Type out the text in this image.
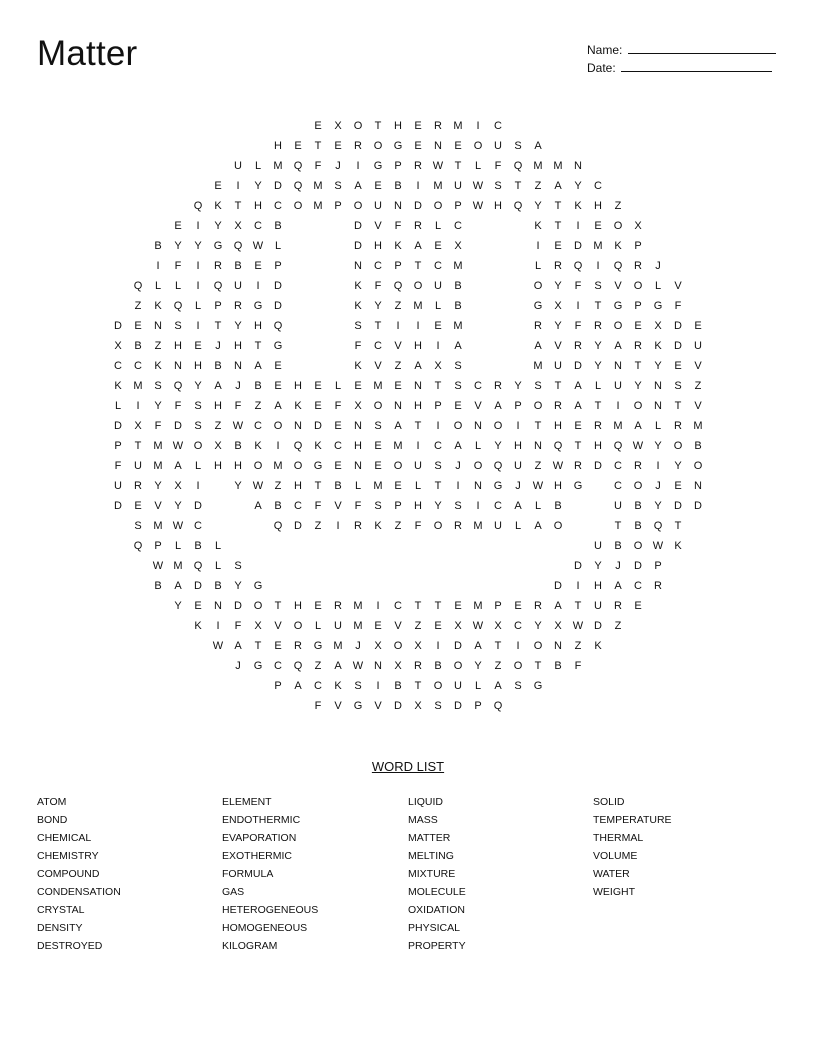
Matter	Name:
Date:
E	X	O	T	H	E	R	M	I	C
H	E	T	E	R	O	G	E	N	E	O	U	S	A
U	L	M	Q	F	J	I	G	P	R W	T	L	F	Q	M M	N
E	I	Y	D	Q	M	S	A	E	B	I	M	U W	S	T	Z	A	Y	C
Q	K	T	H	C	O	M	P	O	U	N	D	O	P	W H	Q	Y	T	K	H	Z
E	I	Y	X	C	B	D	V	F	R	L	C	K	T	I	E	O	X
B	Y	Y	G	Q W	L	D	H	K	A	E	X	I	E	D	M	K	P
I	F	I	R	B	E	P	N	C	P	T	C	M	L	R	Q	I	Q	R	J
Q	L	L	I	Q	U	I	D	K	F	Q	O	U	B	O	Y	F	S	V	O	L	V
Z	K	Q	L	P	R	G	D	K	Y	Z	M	L	B	G	X	I	T	G	P	G	F
D	E	N	S	I	T	Y	H	Q	S	T	I	I	E	M	R	Y	F	R	O	E	X	D	E
X	B	Z	H	E	J	H	T	G	F	C	V	H	I	A	A	V	R	Y	A	R	K	D	U
C	C	K	N	H	B	N	A	E	K	V	Z	A	X	S	M	U	D	Y	N	T	Y	E	V
K	M	S	Q	Y	A	J	B	E	H	E	L	E	M	E	N	T	S	C	R	Y	S	T	A	L	U	Y	N	S	Z
L	I	Y	F	S	H	F	Z	A	K	E	F	X	O	N	H	P	E	V	A	P	O	R	A	T	I	O	N	T	V
D	X	F	D	S	Z	W C	O	N	D	E	N	S	A	T	I	O	N	O	I	T	H	E	R	M	A	L	R	M
P	T	M W O	X	B	K	I	Q	K	C	H	E	M	I	C	A	L	Y	H	N	Q	T	H	Q W	Y	O	B
F	U	M	A	L	H	H	O	M	O	G	E	N	E	O	U	S	J	O	Q	U	Z	W R	D	C	R	I	Y	O
U	R	Y	X	I	Y	W	Z	H	T	B	L	M	E	L	T	I	N	G	J	W H	G	C	O	J	E	N
D	E	V	Y	D	A	B	C	F	V	F	S	P	H	Y	S	I	C	A	L	B	U	B	Y	D	D
S	M W C	Q	D	Z	I	R	K	Z	F	O	R	M	U	L	A	O	T	B	Q	T
Q	P	L	B	L	U	B	O W	K
W M	Q	L	S	D	Y	J	D	P
B	A	D	B	Y	G	D	I	H	A	C	R
Y	E	N	D	O	T	H	E	R	M	I	C	T	T	E	M	P	E	R	A	T	U	R	E
K	I	F	X	V	O	L	U	M	E	V	Z	E	X	W	X	C	Y	X	W D	Z
W	A	T	E	R	G	M	J	X	O	X	I	D	A	T	I	O	N	Z	K
J	G	C	Q	Z	A	W N	X	R	B	O	Y	Z	O	T	B	F
P	A	C	K	S	I	B	T	O	U	L	A	S	G
F	V	G	V	D	X	S	D	P	Q
WORD LIST
ATOM
BOND
CHEMICAL
CHEMISTRY
COMPOUND
CONDENSATION
CRYSTAL
DENSITY
DESTROYED
ELEMENT
ENDOTHERMIC
EVAPORATION
EXOTHERMIC
FORMULA
GAS
HETEROGENEOUS
HOMOGENEOUS
KILOGRAM
LIQUID
MASS
MATTER
MELTING
MIXTURE
MOLECULE
OXIDATION
PHYSICAL
PROPERTY
SOLID
TEMPERATURE
THERMAL
VOLUME
WATER
WEIGHT
